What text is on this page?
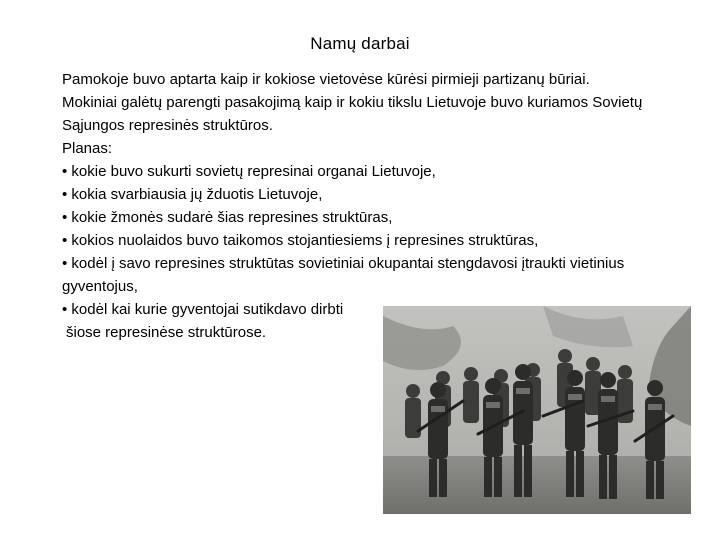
Namų darbai

Pamokoje buvo aptarta kaip ir kokiose vietovėse kūrėsi pirmieji partizanų būriai.

Mokiniai galėtų parengti pasakojimą kaip ir kokiu tikslu Lietuvoje buvo kuriamos Sovietų Sąjungos represinės struktūros.

Planas:

• kokie buvo sukurti sovietų represinai organai Lietuvoje,

• kokia svarbiausia jų žduotis Lietuvoje,

• kokie žmonės sudarė šias represines struktūras,

• kokios nuolaidos buvo taikomos stojantiesiems į represines struktūras,

• kodėl į savo represines struktūtas sovietiniai okupantai stengdavosi įtraukti vietinius gyventojus,

• kodėl kai kurie gyventojai sutikdavo dirbti

šiose represinėse struktūrose.
